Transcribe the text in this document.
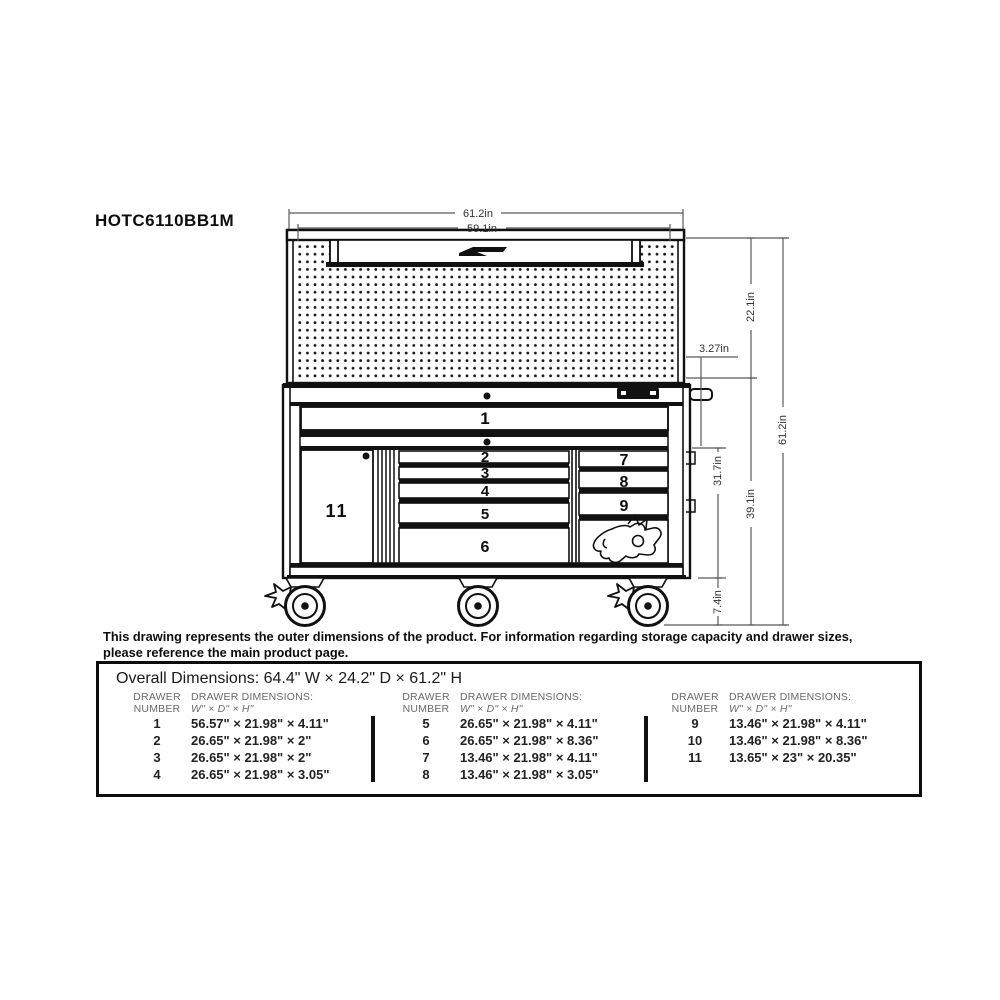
HOTC6110BB1M
1
11
2
3
4
5
6
7
8
9
61.2in
59.1in
3.27in
22.1in
39.1in
61.2in
31.7in
7.4in
This drawing represents the outer dimensions of the product. For information regarding storage capacity and drawer sizes,
please reference the main product page.
Overall Dimensions: 64.4" W × 24.2" D × 61.2" H
DRAWER DRAWER DIMENSIONS:
NUMBER	W" × D" × H"
1	56.57" × 21.98" × 4.11"
2	26.65" × 21.98" × 2"
3	26.65" × 21.98" × 2"
4	26.65" × 21.98" × 3.05"
DRAWER DRAWER DIMENSIONS:
NUMBER	W" × D" × H"
5	26.65" × 21.98" × 4.11"
6	26.65" × 21.98" × 8.36"
7	13.46" × 21.98" × 4.11"
8	13.46" × 21.98" × 3.05"
DRAWER DRAWER DIMENSIONS:
NUMBER	W" × D" × H"
9	13.46" × 21.98" × 4.11"
10	13.46" × 21.98" × 8.36"
11	13.65" × 23" × 20.35"
